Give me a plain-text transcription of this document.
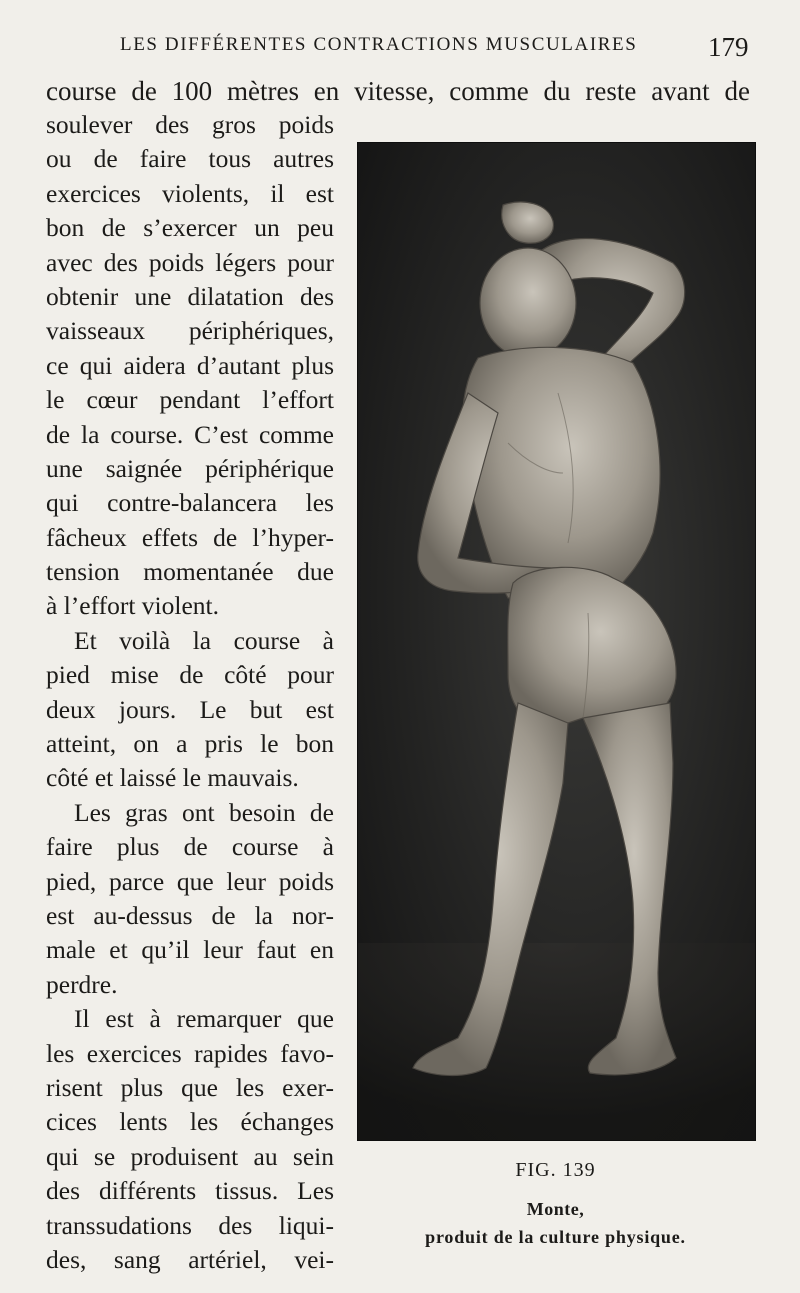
LES DIFFÉRENTES CONTRACTIONS MUSCULAIRES	179
course de 100 mètres en vitesse, comme du reste avant de
soulever des gros poids
ou de faire tous autres
exercices violents, il est
bon de s’exercer un peu
avec des poids légers pour
obtenir une dilatation des
vaisseaux périphériques,
ce qui aidera d’autant plus
le cœur pendant l’effort
de la course. C’est comme
une saignée périphérique
qui contre-balancera les
fâcheux effets de l’hyper-
tension momentanée due
à l’effort violent.
Et voilà la course à
pied mise de côté pour
deux jours. Le but est
atteint, on a pris le bon
côté et laissé le mauvais.
Les gras ont besoin de
faire plus de course à
pied, parce que leur poids
est au-dessus de la nor-
male et qu’il leur faut en
perdre.
Il est à remarquer que
les exercices rapides favo-
risent plus que les exer-
cices lents les échanges
qui se produisent au sein
des différents tissus. Les
transsudations des liqui-
des, sang artériel, vei-
FIG. 139
Monte,
produit de la culture physique.
